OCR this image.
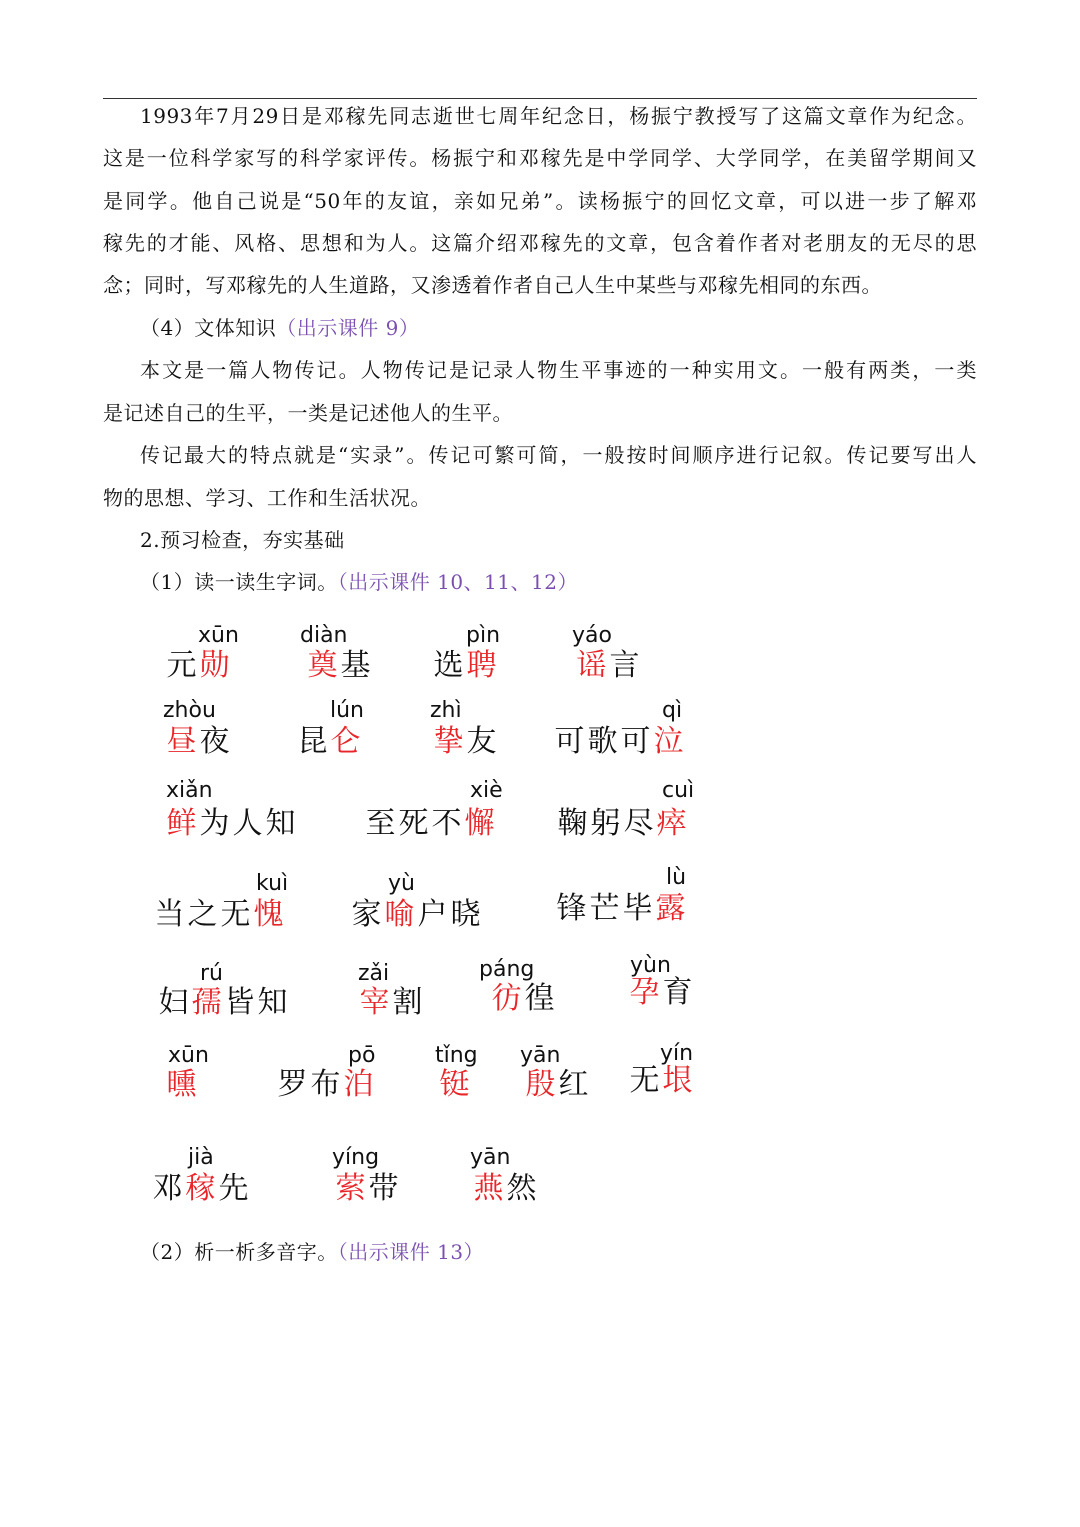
1993年7月29日是邓稼先同志逝世七周年纪念日，杨振宁教授写了这篇文章作为纪念。
这是一位科学家写的科学家评传。杨振宁和邓稼先是中学同学、大学同学，在美留学期间又
是同学。他自己说是“50年的友谊，亲如兄弟”。读杨振宁的回忆文章，可以进一步了解邓
稼先的才能、风格、思想和为人。这篇介绍邓稼先的文章，包含着作者对老朋友的无尽的思
念；同时，写邓稼先的人生道路，又渗透着作者自己人生中某些与邓稼先相同的东西。
（4）文体知识（出示课件 9）
本文是一篇人物传记。人物传记是记录人物生平事迹的一种实用文。一般有两类，一类
是记述自己的生平，一类是记述他人的生平。
传记最大的特点就是“实录”。传记可繁可简，一般按时间顺序进行记叙。传记要写出人
物的思想、学习、工作和生活状况。
2.预习检查，夯实基础
（1）读一读生字词。（出示课件 10、11、12）
元 勋
xūn
奠 基
diàn
选 聘
pìn
谣 言
yáo
昼 夜
zhòu
昆 仑
lún
挚 友
zhì
可 歌 可 泣
qì
鲜 为 人 知
xiǎn
至 死 不 懈
xiè
鞠 躬 尽 瘁
cuì
当 之 无 愧
kuì
家 喻 户 晓
yù
锋 芒 毕 露
lù
妇 孺 皆 知
rú
宰 割
zǎi
彷 徨
páng
孕 育
yùn
曛
xūn
罗 布 泊
pō
铤
tǐng
殷 红
yān
无 垠
yín
邓 稼 先
jià
萦 带
yíng
燕 然
yān
（2）析一析多音字。（出示课件 13）
